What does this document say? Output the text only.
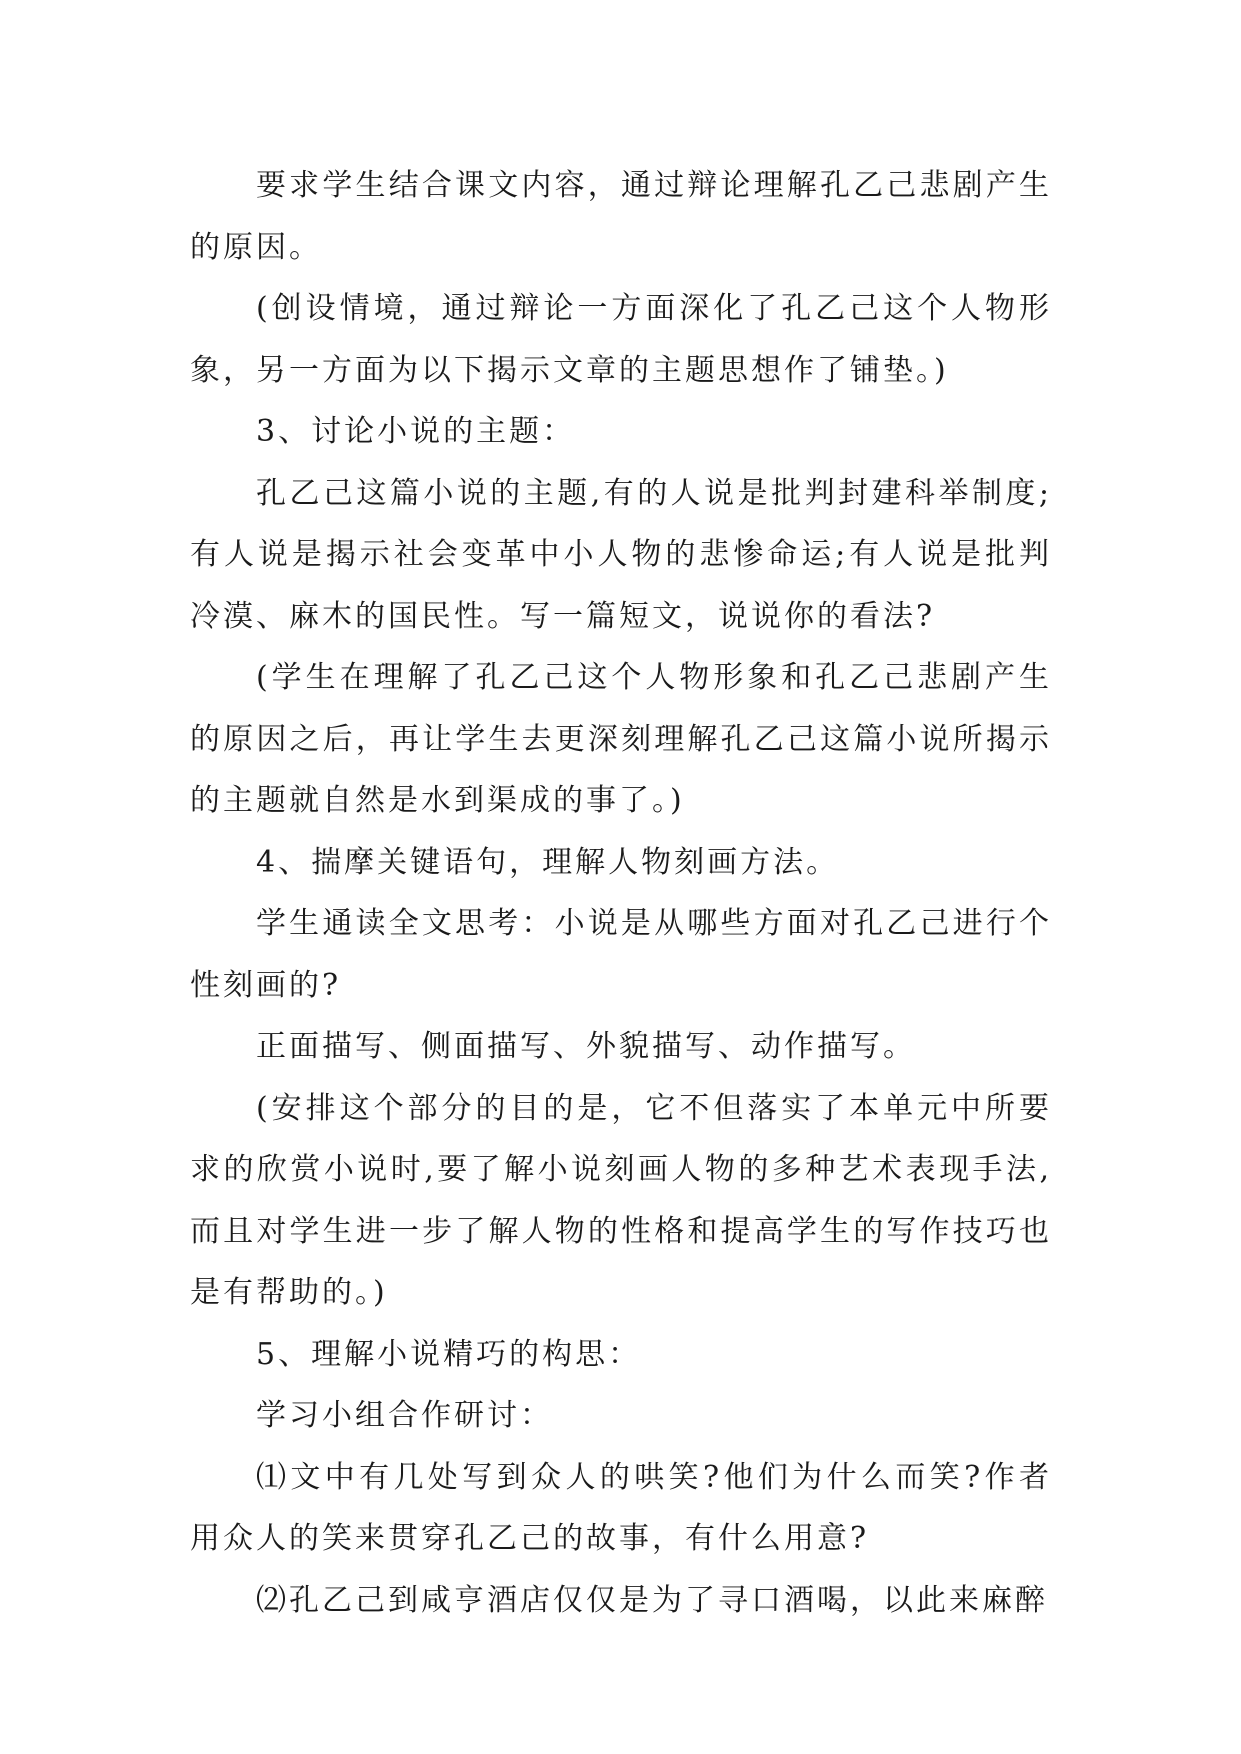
要求学生结合课文内容，通过辩论理解孔乙己悲剧产生的原因。

(创设情境，通过辩论一方面深化了孔乙己这个人物形象，另一方面为以下揭示文章的主题思想作了铺垫。)

3、讨论小说的主题：

孔乙己这篇小说的主题,有的人说是批判封建科举制度;有人说是揭示社会变革中小人物的悲惨命运;有人说是批判冷漠、麻木的国民性。写一篇短文，说说你的看法?

(学生在理解了孔乙己这个人物形象和孔乙己悲剧产生的原因之后，再让学生去更深刻理解孔乙己这篇小说所揭示的主题就自然是水到渠成的事了。)

4、揣摩关键语句，理解人物刻画方法。

学生通读全文思考：小说是从哪些方面对孔乙己进行个性刻画的?

正面描写、侧面描写、外貌描写、动作描写。

(安排这个部分的目的是，它不但落实了本单元中所要求的欣赏小说时,要了解小说刻画人物的多种艺术表现手法,而且对学生进一步了解人物的性格和提高学生的写作技巧也是有帮助的。)

5、理解小说精巧的构思：

学习小组合作研讨：

⑴文中有几处写到众人的哄笑?他们为什么而笑?作者用众人的笑来贯穿孔乙己的故事，有什么用意?

⑵孔乙己到咸亨酒店仅仅是为了寻口酒喝，以此来麻醉
